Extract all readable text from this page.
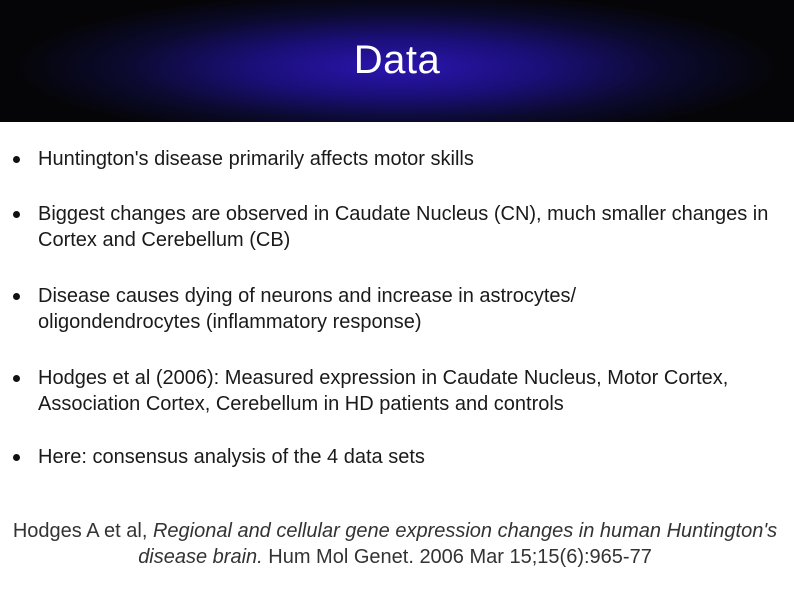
Data
Huntington's disease primarily affects motor skills
Biggest changes are observed in Caudate Nucleus (CN), much smaller changes in Cortex and Cerebellum (CB)
Disease causes dying of neurons and increase in astrocytes/ oligondendrocytes (inflammatory response)
Hodges et al (2006): Measured expression in Caudate Nucleus, Motor Cortex, Association Cortex, Cerebellum in HD patients and controls
Here: consensus analysis of the 4 data sets
Hodges A et al, Regional and cellular gene expression changes in human Huntington's disease brain. Hum Mol Genet. 2006 Mar 15;15(6):965-77
